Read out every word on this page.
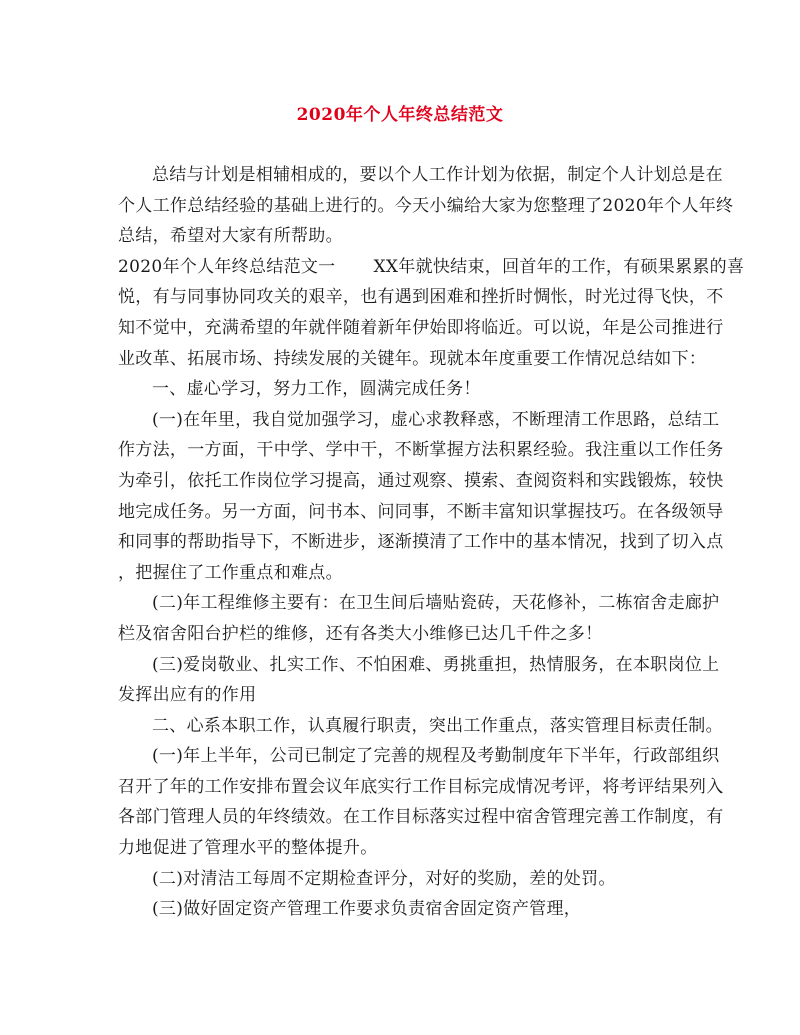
2020年个人年终总结范文
总结与计划是相辅相成的，要以个人工作计划为依据，制定个人计划总是在
个人工作总结经验的基础上进行的。今天小编给大家为您整理了2020年个人年终
总结，希望对大家有所帮助。
2020年个人年终总结范文一 XX年就快结束，回首年的工作，有硕果累累的喜
悦，有与同事协同攻关的艰辛，也有遇到困难和挫折时惆怅，时光过得飞快，不
知不觉中，充满希望的年就伴随着新年伊始即将临近。可以说，年是公司推进行
业改革、拓展市场、持续发展的关键年。现就本年度重要工作情况总结如下：
一、虚心学习，努力工作，圆满完成任务！
(一)在年里，我自觉加强学习，虚心求教释惑，不断理清工作思路，总结工
作方法，一方面，干中学、学中干，不断掌握方法积累经验。我注重以工作任务
为牵引，依托工作岗位学习提高，通过观察、摸索、查阅资料和实践锻炼，较快
地完成任务。另一方面，问书本、问同事，不断丰富知识掌握技巧。在各级领导
和同事的帮助指导下，不断进步，逐渐摸清了工作中的基本情况，找到了切入点
，把握住了工作重点和难点。
(二)年工程维修主要有：在卫生间后墙贴瓷砖，天花修补，二栋宿舍走廊护
栏及宿舍阳台护栏的维修，还有各类大小维修已达几千件之多！
(三)爱岗敬业、扎实工作、不怕困难、勇挑重担，热情服务，在本职岗位上
发挥出应有的作用
二、心系本职工作，认真履行职责，突出工作重点，落实管理目标责任制。
(一)年上半年，公司已制定了完善的规程及考勤制度年下半年，行政部组织
召开了年的工作安排布置会议年底实行工作目标完成情况考评，将考评结果列入
各部门管理人员的年终绩效。在工作目标落实过程中宿舍管理完善工作制度，有
力地促进了管理水平的整体提升。
(二)对清洁工每周不定期检查评分，对好的奖励，差的处罚。
(三)做好固定资产管理工作要求负责宿舍固定资产管理，
